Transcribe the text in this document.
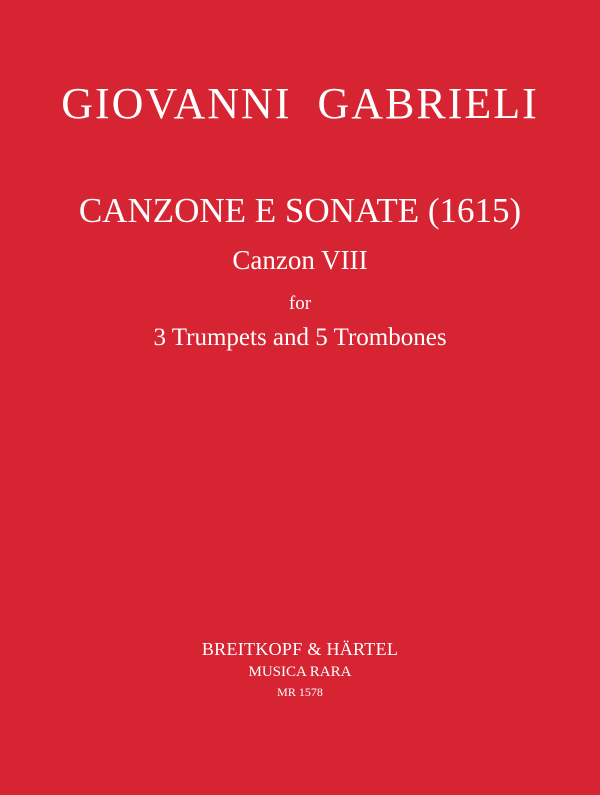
GIOVANNI  GABRIELI
CANZONE E SONATE (1615)
Canzon VIII
for
3 Trumpets and 5 Trombones
BREITKOPF & HÄRTEL
MUSICA RARA
MR 1578
